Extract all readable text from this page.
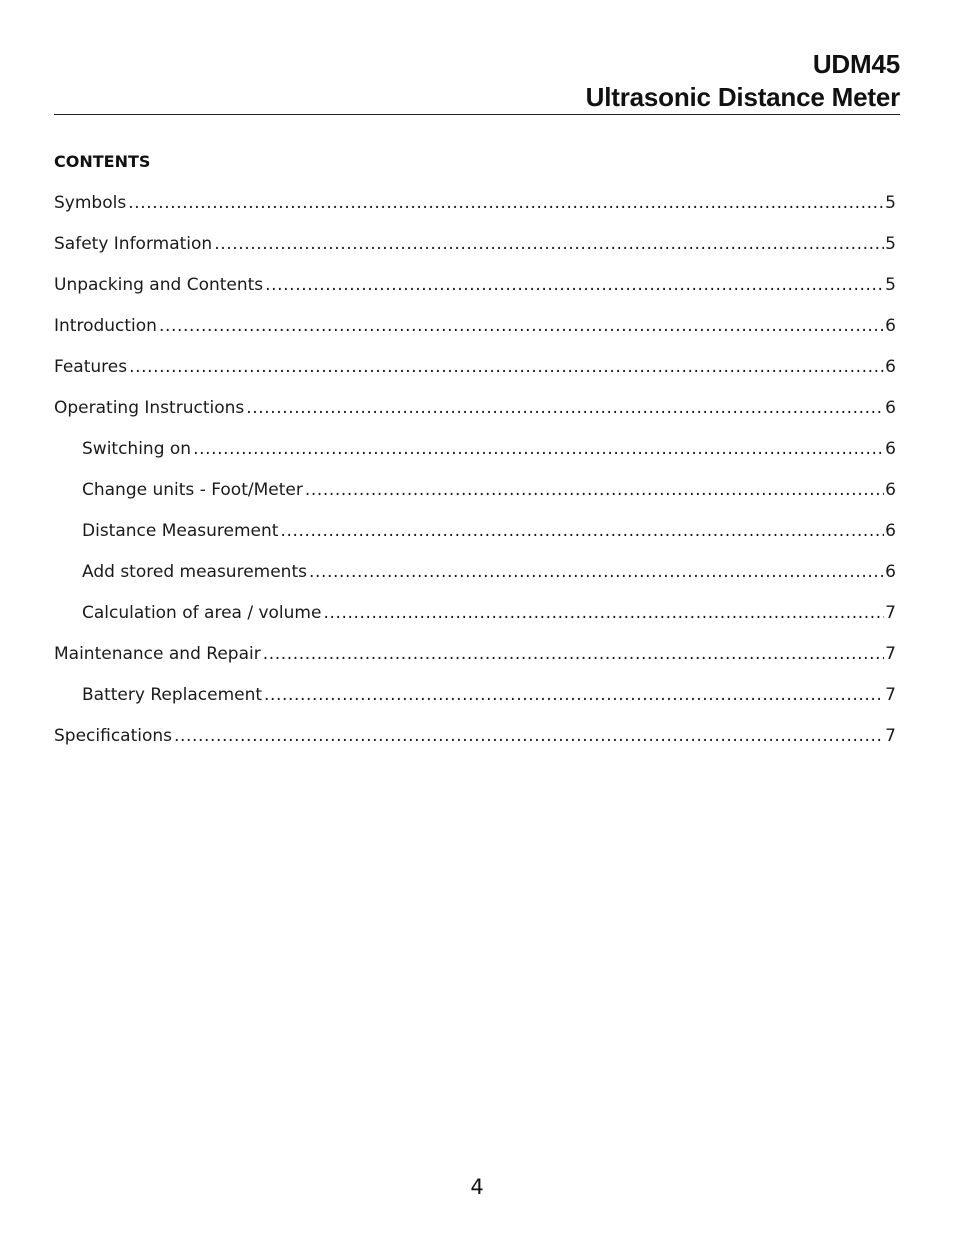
UDM45
Ultrasonic Distance Meter
CONTENTS
Symbols .....	5
Safety Information .....	5
Unpacking and Contents .....	5
Introduction .....	6
Features .....	6
Operating Instructions .....	6
Switching on .....	6
Change units - Foot/Meter .....	6
Distance Measurement .....	6
Add stored measurements .....	6
Calculation of area / volume .....	7
Maintenance and Repair .....	7
Battery Replacement .....	7
Specifications .....	7
4
